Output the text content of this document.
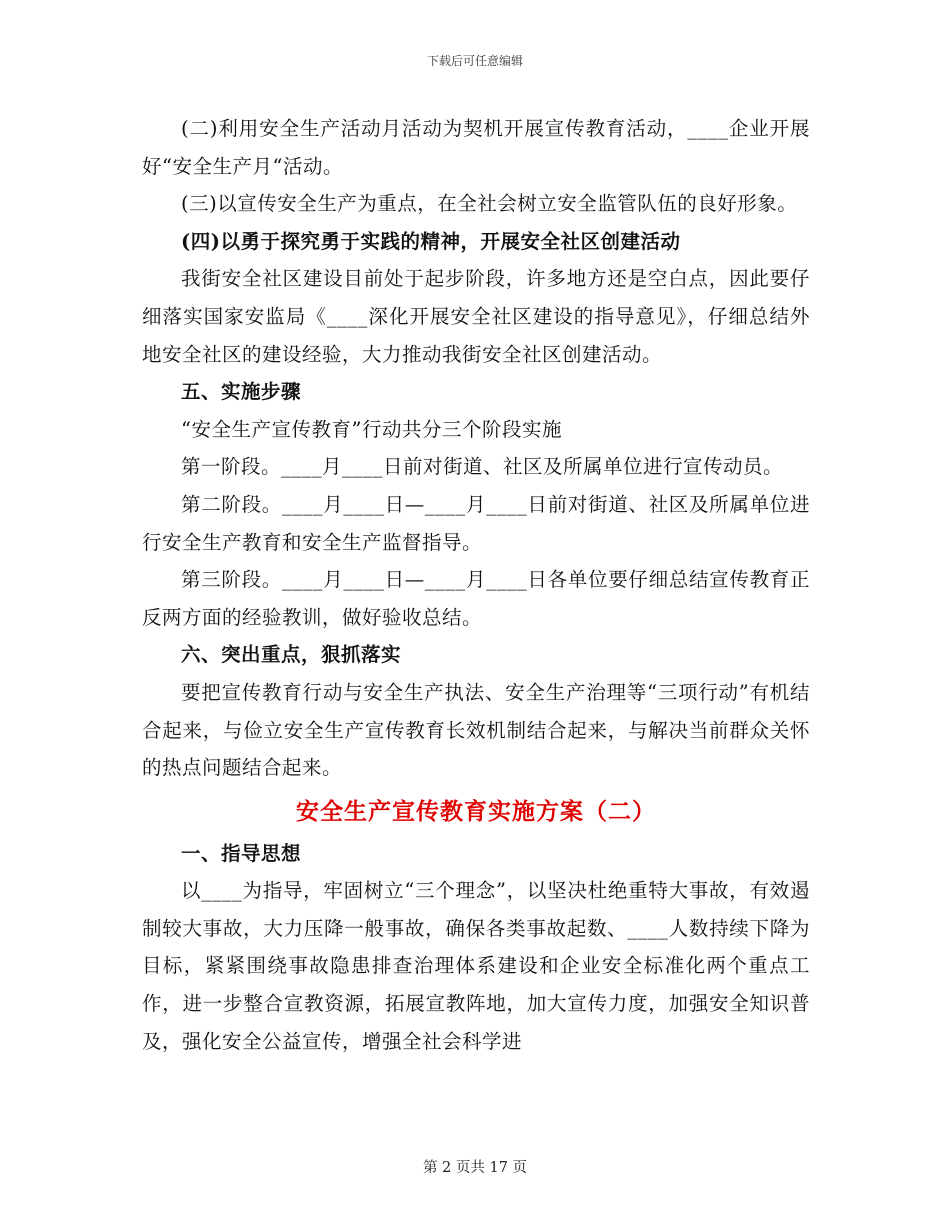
下载后可任意编辑

(二)利用安全生产活动月活动为契机开展宣传教育活动，____企业开展好“安全生产月“活动。

(三)以宣传安全生产为重点，在全社会树立安全监管队伍的良好形象。

(四)以勇于探究勇于实践的精神，开展安全社区创建活动

我街安全社区建设目前处于起步阶段，许多地方还是空白点，因此要仔细落实国家安监局《____深化开展安全社区建设的指导意见》，仔细总结外地安全社区的建设经验，大力推动我街安全社区创建活动。

五、实施步骤

“安全生产宣传教育”行动共分三个阶段实施

第一阶段。____月____日前对街道、社区及所属单位进行宣传动员。

第二阶段。____月____日—____月____日前对街道、社区及所属单位进行安全生产教育和安全生产监督指导。

第三阶段。____月____日—____月____日各单位要仔细总结宣传教育正反两方面的经验教训，做好验收总结。

六、突出重点，狠抓落实

要把宣传教育行动与安全生产执法、安全生产治理等“三项行动”有机结合起来，与俭立安全生产宣传教育长效机制结合起来，与解决当前群众关怀的热点问题结合起来。

安全生产宣传教育实施方案（二）

一、指导思想

以____为指导，牢固树立“三个理念”，以坚决杜绝重特大事故，有效遏制较大事故，大力压降一般事故，确保各类事故起数、____人数持续下降为目标，紧紧围绕事故隐患排查治理体系建设和企业安全标准化两个重点工作，进一步整合宣教资源，拓展宣教阵地，加大宣传力度，加强安全知识普及，强化安全公益宣传，增强全社会科学进

第 2 页共 17 页
